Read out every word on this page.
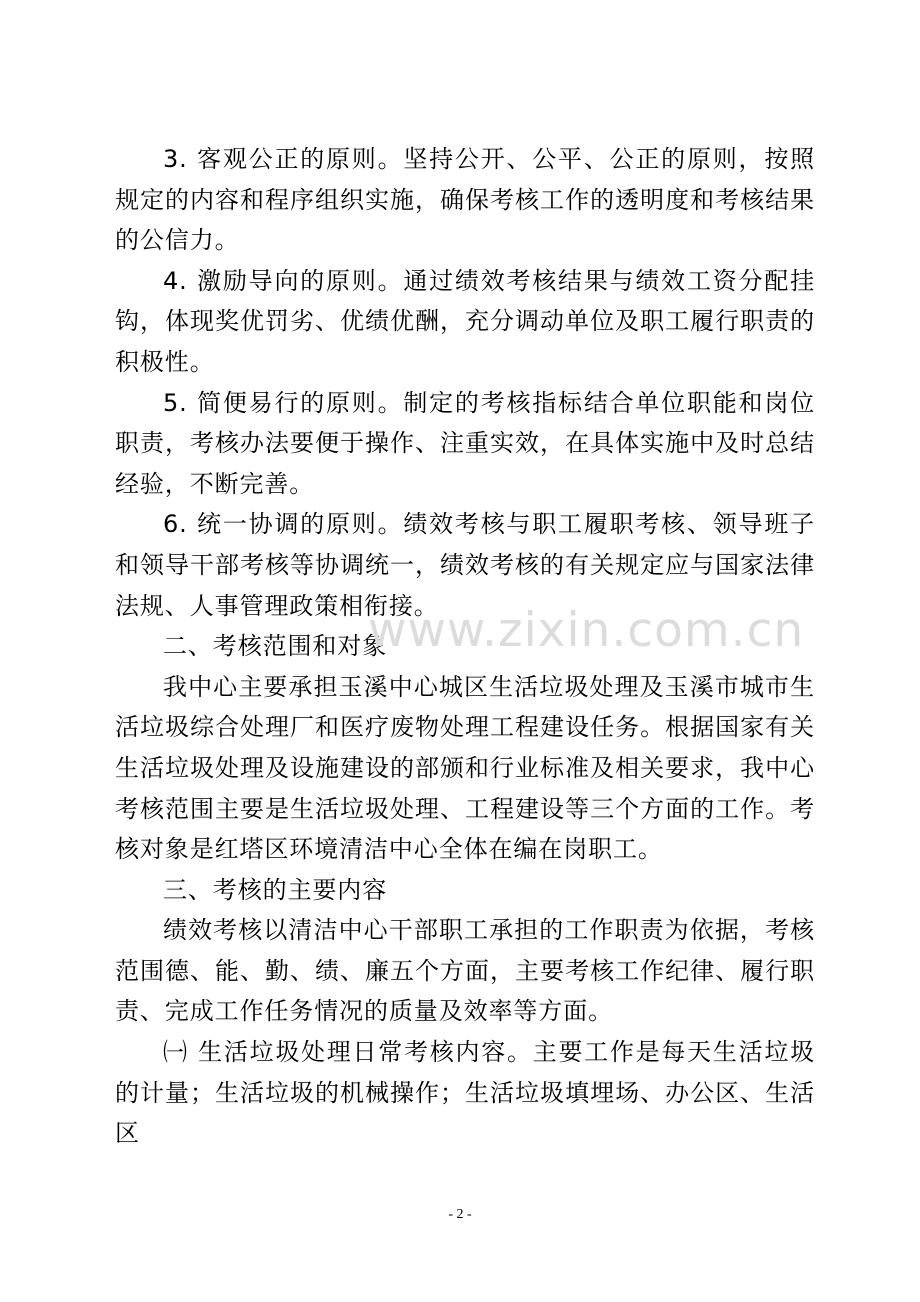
3. 客观公正的原则。坚持公开、公平、公正的原则，按照规定的内容和程序组织实施，确保考核工作的透明度和考核结果的公信力。

4. 激励导向的原则。通过绩效考核结果与绩效工资分配挂钩，体现奖优罚劣、优绩优酬，充分调动单位及职工履行职责的积极性。

5. 简便易行的原则。制定的考核指标结合单位职能和岗位职责，考核办法要便于操作、注重实效，在具体实施中及时总结经验，不断完善。

6. 统一协调的原则。绩效考核与职工履职考核、领导班子和领导干部考核等协调统一，绩效考核的有关规定应与国家法律法规、人事管理政策相衔接。

二、考核范围和对象

我中心主要承担玉溪中心城区生活垃圾处理及玉溪市城市生活垃圾综合处理厂和医疗废物处理工程建设任务。根据国家有关生活垃圾处理及设施建设的部颁和行业标准及相关要求，我中心考核范围主要是生活垃圾处理、工程建设等三个方面的工作。考核对象是红塔区环境清洁中心全体在编在岗职工。

三、考核的主要内容

绩效考核以清洁中心干部职工承担的工作职责为依据，考核范围德、能、勤、绩、廉五个方面，主要考核工作纪律、履行职责、完成工作任务情况的质量及效率等方面。

㈠ 生活垃圾处理日常考核内容。主要工作是每天生活垃圾的计量；生活垃圾的机械操作；生活垃圾填埋场、办公区、生活区

www.zixin.com.cn
- 2 -
